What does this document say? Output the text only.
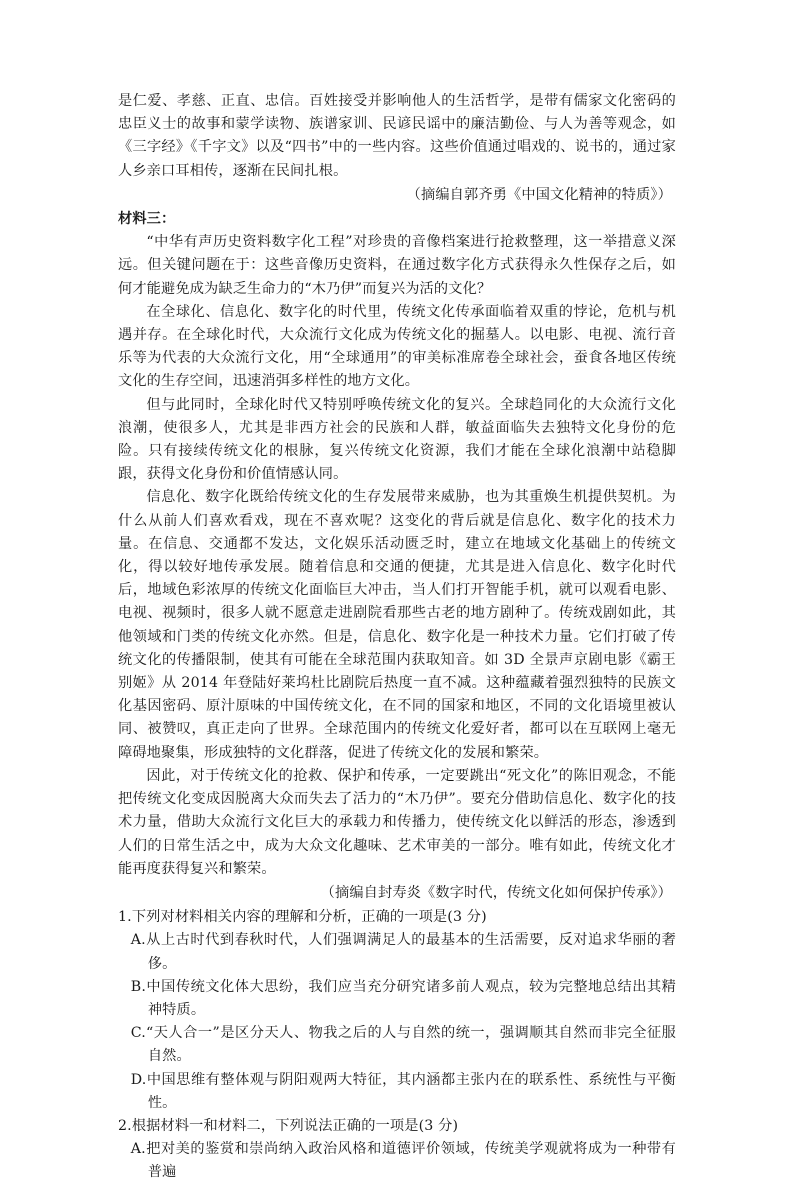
是仁爱、孝慈、正直、忠信。百姓接受并影响他人的生活哲学，是带有儒家文化密码的忠臣义士的故事和蒙学读物、族谱家训、民谚民谣中的廉洁勤俭、与人为善等观念，如《三字经》《千字文》以及“四书”中的一些内容。这些价值通过唱戏的、说书的，通过家人乡亲口耳相传，逐渐在民间扎根。

（摘编自郭齐勇《中国文化精神的特质》）

材料三：

“中华有声历史资料数字化工程”对珍贵的音像档案进行抢救整理，这一举措意义深远。但关键问题在于：这些音像历史资料，在通过数字化方式获得永久性保存之后，如何才能避免成为缺乏生命力的“木乃伊”而复兴为活的文化？

在全球化、信息化、数字化的时代里，传统文化传承面临着双重的悖论，危机与机遇并存。在全球化时代，大众流行文化成为传统文化的掘墓人。以电影、电视、流行音乐等为代表的大众流行文化，用“全球通用”的审美标准席卷全球社会，蚕食各地区传统文化的生存空间，迅速消弭多样性的地方文化。

但与此同时，全球化时代又特别呼唤传统文化的复兴。全球趋同化的大众流行文化浪潮，使很多人，尤其是非西方社会的民族和人群，敏益面临失去独特文化身份的危险。只有接续传统文化的根脉，复兴传统文化资源，我们才能在全球化浪潮中站稳脚跟，获得文化身份和价值情感认同。

信息化、数字化既给传统文化的生存发展带来威胁，也为其重焕生机提供契机。为什么从前人们喜欢看戏，现在不喜欢呢？这变化的背后就是信息化、数字化的技术力量。在信息、交通都不发达，文化娱乐活动匮乏时，建立在地域文化基础上的传统文化，得以较好地传承发展。随着信息和交通的便捷，尤其是进入信息化、数字化时代后，地域色彩浓厚的传统文化面临巨大冲击，当人们打开智能手机，就可以观看电影、电视、视频时，很多人就不愿意走进剧院看那些古老的地方剧种了。传统戏剧如此，其他领域和门类的传统文化亦然。但是，信息化、数字化是一种技术力量。它们打破了传统文化的传播限制，使其有可能在全球范围内获取知音。如 3D 全景声京剧电影《霸王别姬》从 2014 年登陆好莱坞杜比剧院后热度一直不减。这种蕴藏着强烈独特的民族文化基因密码、原汁原味的中国传统文化，在不同的国家和地区，不同的文化语境里被认同、被赞叹，真正走向了世界。全球范围内的传统文化爱好者，都可以在互联网上毫无障碍地聚集，形成独特的文化群落，促进了传统文化的发展和繁荣。

因此，对于传统文化的抢救、保护和传承，一定要跳出“死文化”的陈旧观念，不能把传统文化变成因脱离大众而失去了活力的“木乃伊”。要充分借助信息化、数字化的技术力量，借助大众流行文化巨大的承载力和传播力，使传统文化以鲜活的形态，渗透到人们的日常生活之中，成为大众文化趣味、艺术审美的一部分。唯有如此，传统文化才能再度获得复兴和繁荣。

（摘编自封寿炎《数字时代，传统文化如何保护传承》）

1.下列对材料相关内容的理解和分析，正确的一项是(3 分)

A.从上古时代到春秋时代，人们强调满足人的最基本的生活需要，反对追求华丽的奢侈。

B.中国传统文化体大思纷，我们应当充分研究诸多前人观点，较为完整地总结出其精神特质。

C.“天人合一”是区分天人、物我之后的人与自然的统一，强调顺其自然而非完全征服自然。

D.中国思维有整体观与阴阳观两大特征，其内涵都主张内在的联系性、系统性与平衡性。

2.根据材料一和材料二，下列说法正确的一项是(3 分)

A.把对美的鉴赏和崇尚纳入政治风格和道德评价领域，传统美学观就将成为一种带有普遍
